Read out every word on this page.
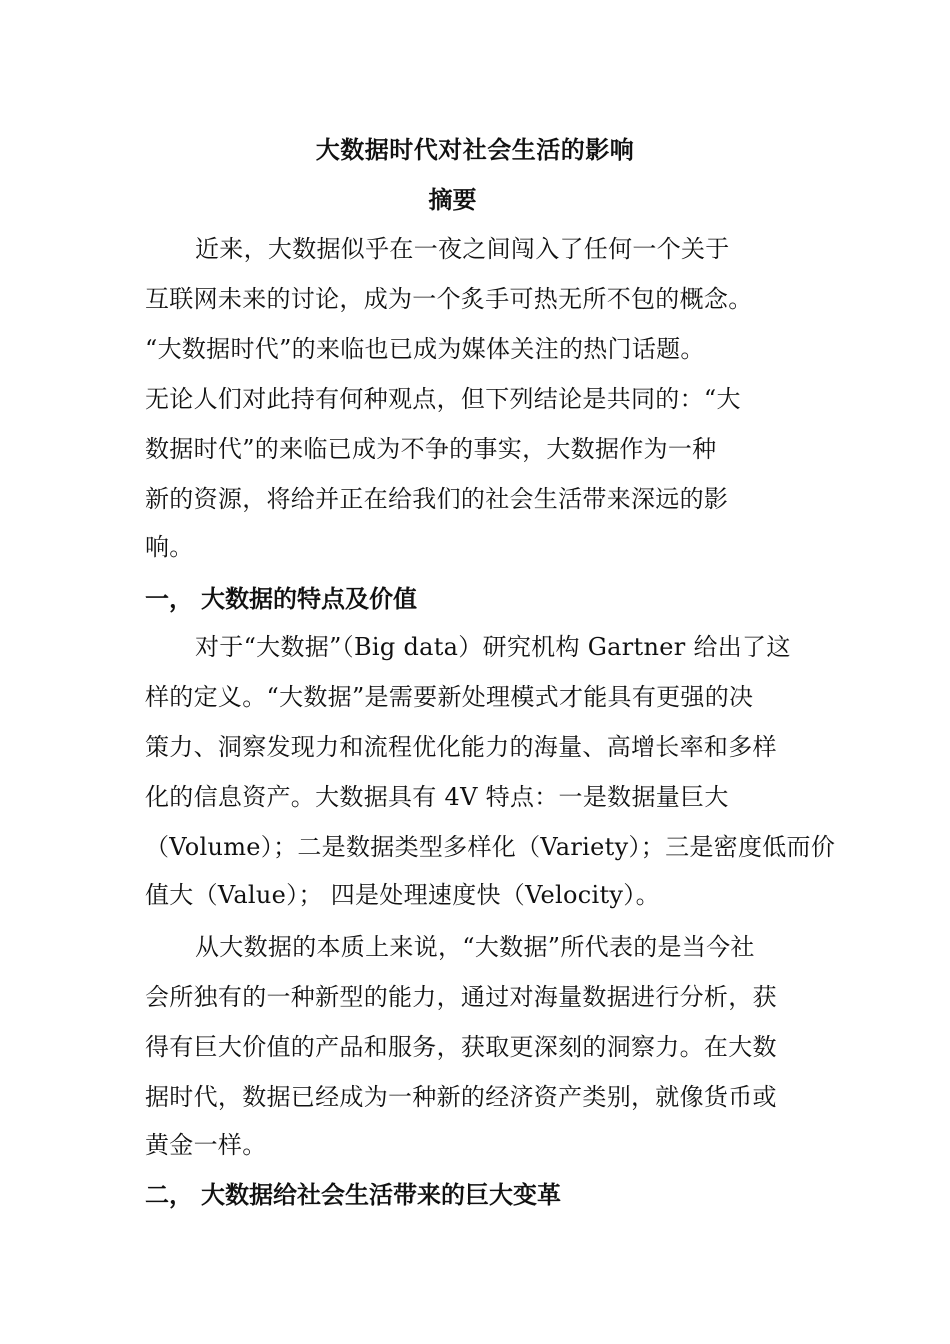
大数据时代对社会生活的影响
摘要
近来，大数据似乎在一夜之间闯入了任何一个关于
互联网未来的讨论，成为一个炙手可热无所不包的概念。
“大数据时代”的来临也已成为媒体关注的热门话题。
无论人们对此持有何种观点，但下列结论是共同的：“大
数据时代”的来临已成为不争的事实，大数据作为一种
新的资源，将给并正在给我们的社会生活带来深远的影
响。
一， 大数据的特点及价值
对于“大数据”（Big data）研究机构 Gartner 给出了这
样的定义。“大数据”是需要新处理模式才能具有更强的决
策力、洞察发现力和流程优化能力的海量、高增长率和多样
化的信息资产。大数据具有 4V 特点：一是数据量巨大
（Volume）；二是数据类型多样化（Variety）；三是密度低而价
值大（Value）； 四是处理速度快（Velocity）。
从大数据的本质上来说，“大数据”所代表的是当今社
会所独有的一种新型的能力，通过对海量数据进行分析，获
得有巨大价值的产品和服务，获取更深刻的洞察力。在大数
据时代，数据已经成为一种新的经济资产类别，就像货币或
黄金一样。
二， 大数据给社会生活带来的巨大变革
